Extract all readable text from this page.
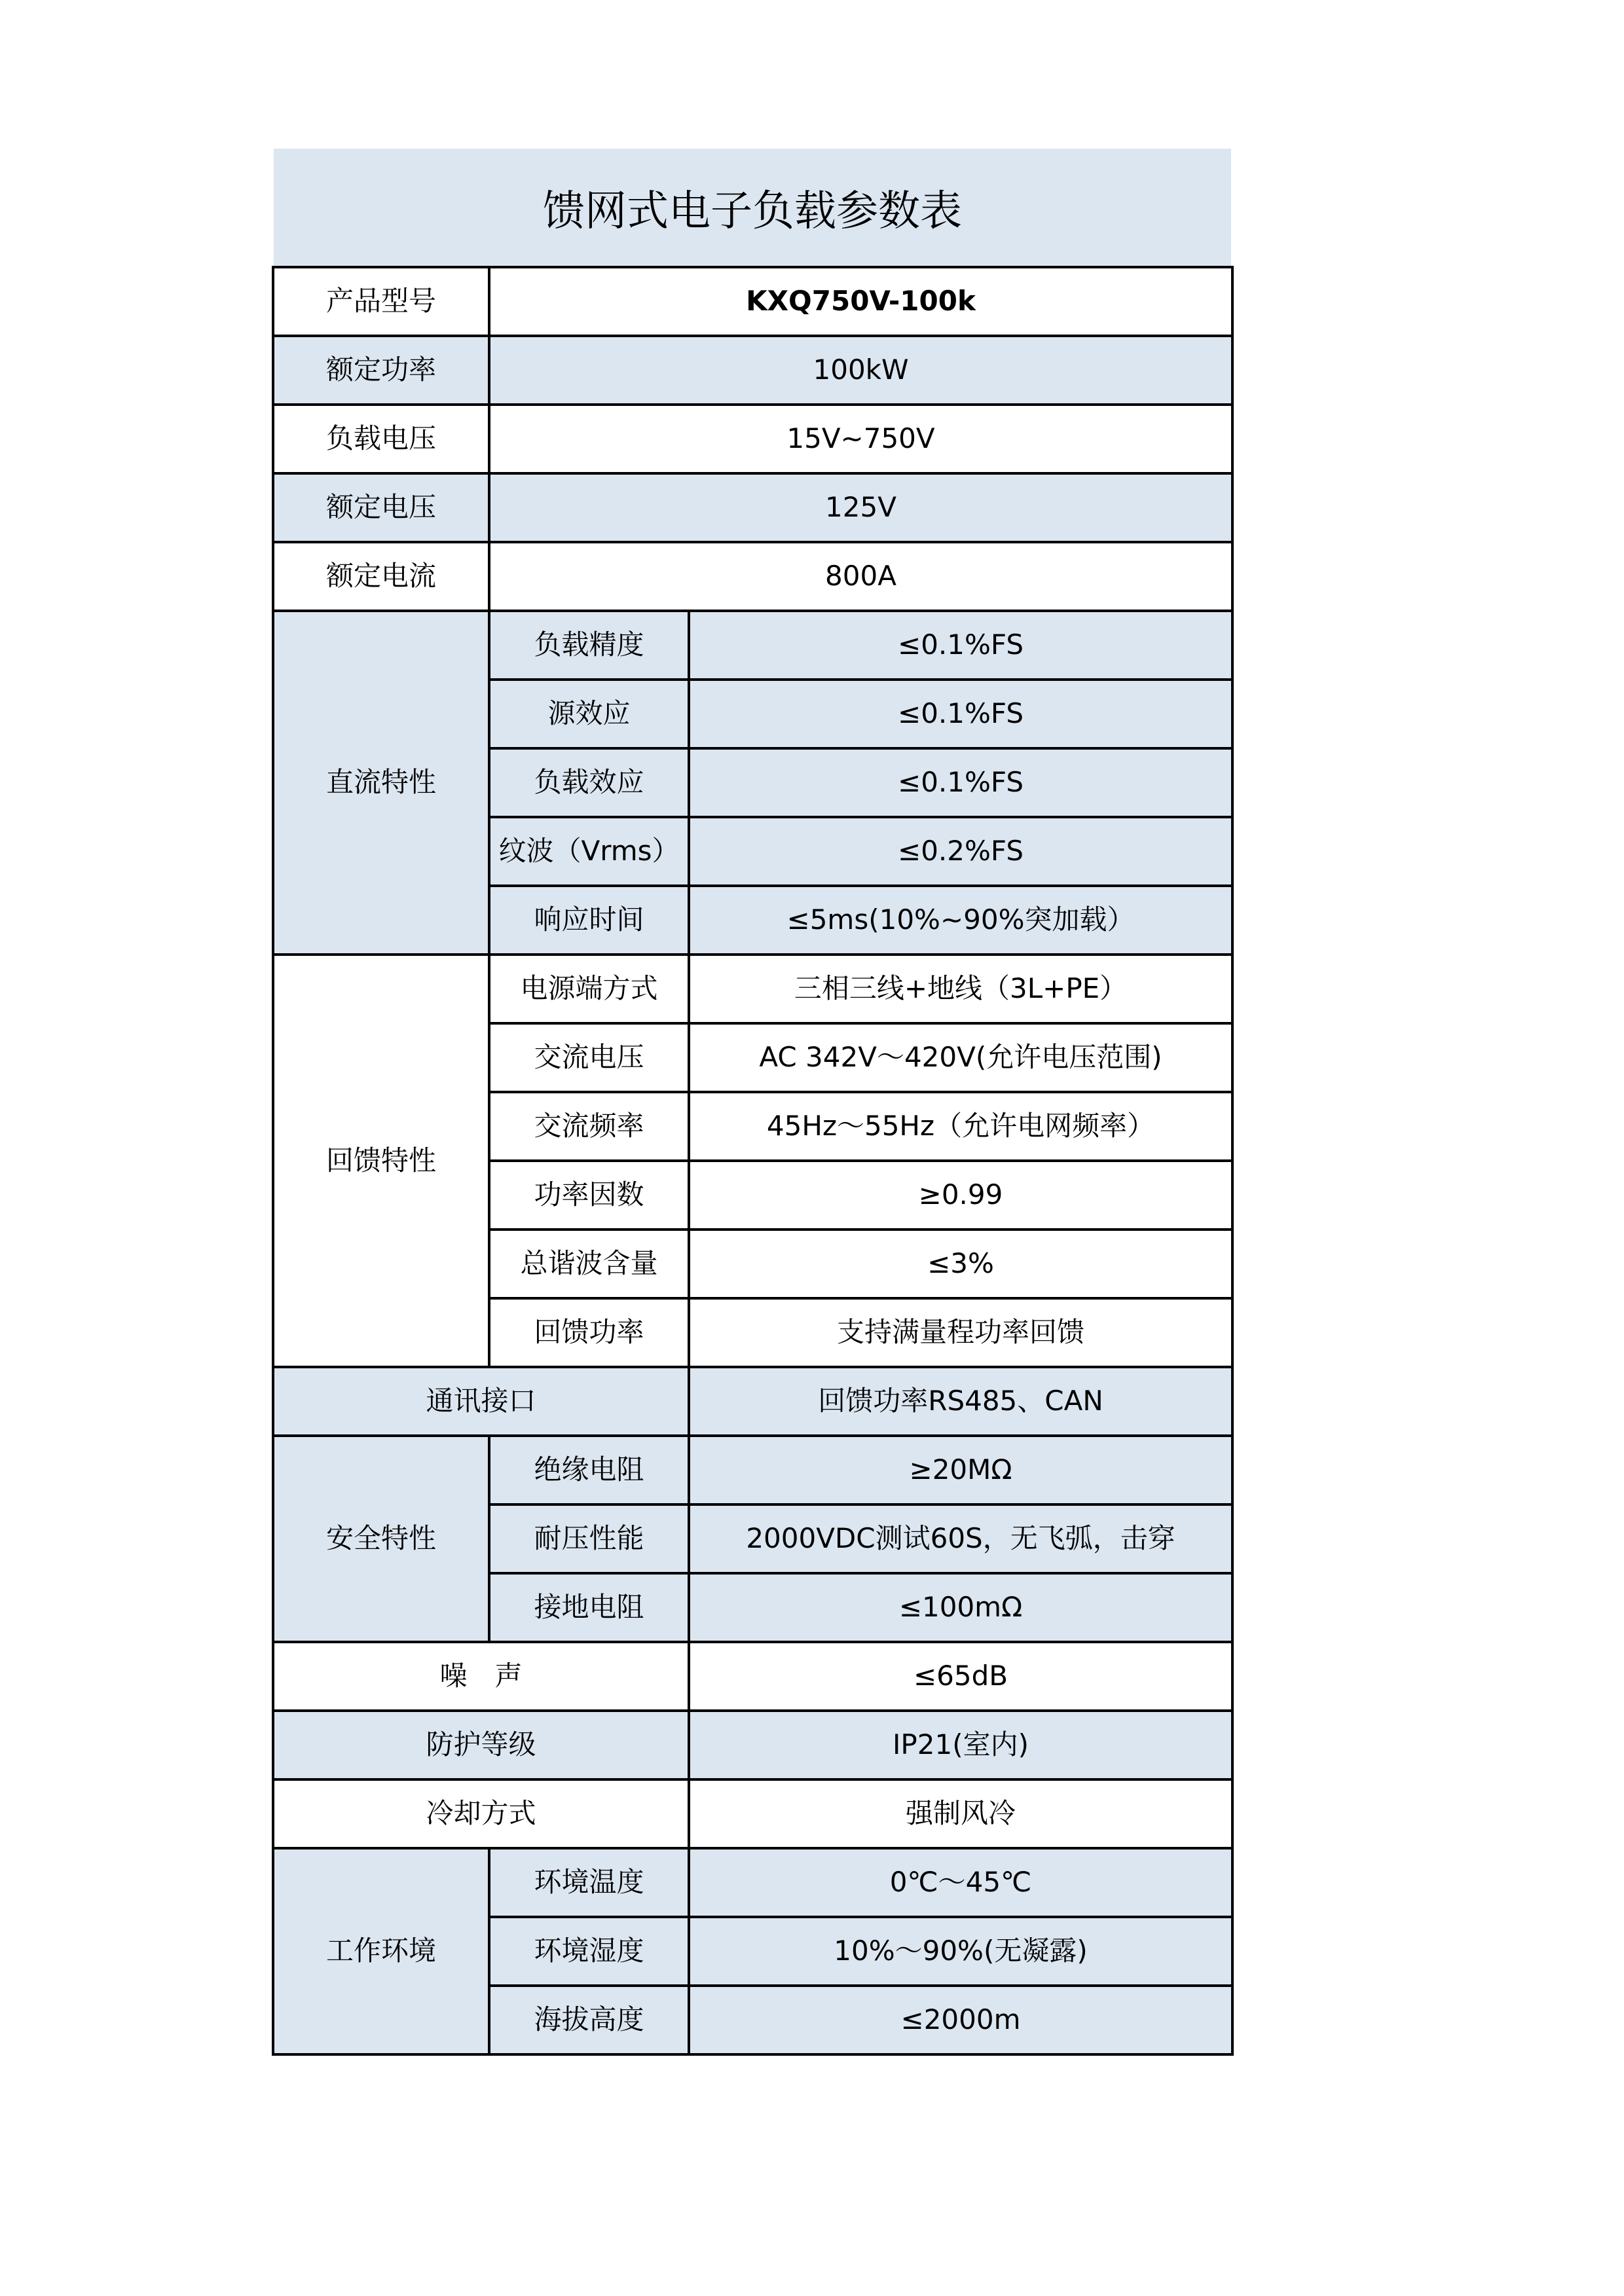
馈网式电子负载参数表
产品型号	KXQ750V-100k	
额定功率	100kW	
负载电压	15V~750V	
额定电压	125V	
额定电流	800A	
直流特性	负载精度	≤0.1%FS
	源效应	≤0.1%FS
	负载效应	≤0.1%FS
	纹波（Vrms）	≤0.2%FS
	响应时间	≤5ms(10%~90%突加载）
回馈特性	电源端方式	三相三线+地线（3L+PE）
	交流电压	AC 342V～420V(允许电压范围)
	交流频率	45Hz～55Hz（允许电网频率）
	功率因数	≥0.99
	总谐波含量	≤3%
	回馈功率	支持满量程功率回馈
通讯接口		回馈功率RS485、CAN
安全特性	绝缘电阻	≥20MΩ
	耐压性能	2000VDC测试60S，无飞弧，击穿
	接地电阻	≤100mΩ
噪　声		≤65dB
防护等级		IP21(室内)
冷却方式		强制风冷
工作环境	环境温度	0℃～45℃
	环境湿度	10%～90%(无凝露)
	海拔高度	≤2000m
